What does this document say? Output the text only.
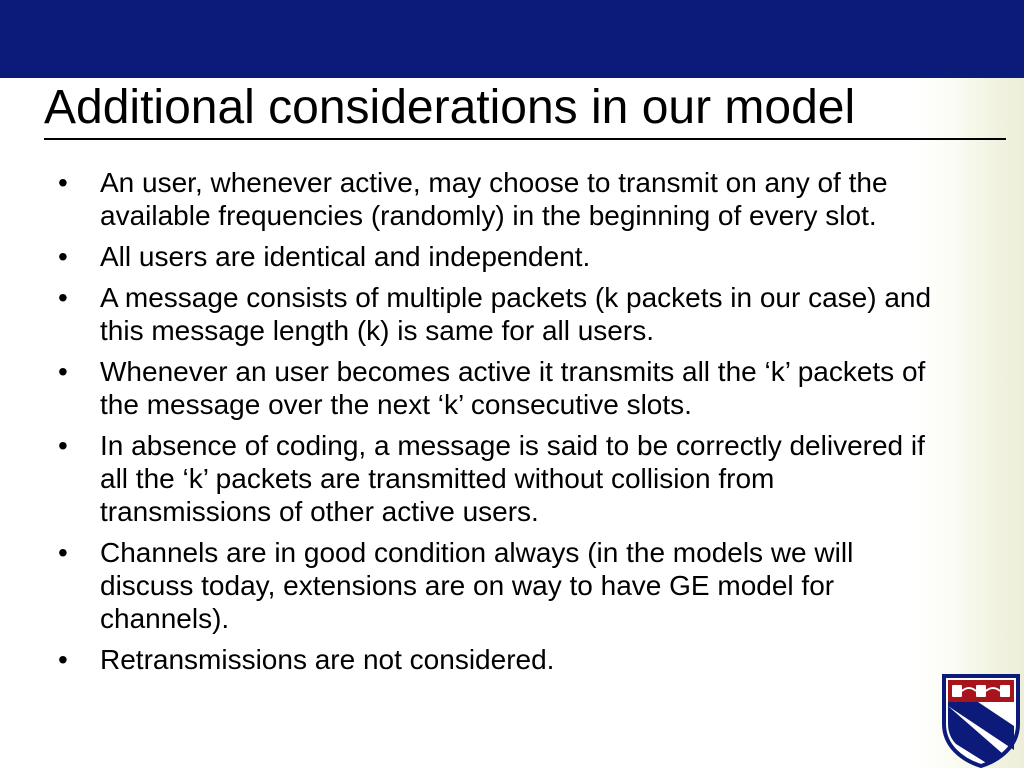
Additional considerations in our model
• An user, whenever active, may choose to transmit on any of the available frequencies (randomly) in the beginning of every slot.
• All users are identical and independent.
• A message consists of multiple packets (k packets in our case) and this message length (k) is same for all users.
• Whenever an user becomes active it transmits all the ‘k’ packets of the message over the next ‘k’ consecutive slots.
• In absence of coding, a message is said to be correctly delivered if all the ‘k’ packets are transmitted without collision from transmissions of other active users.
• Channels are in good condition always (in the models we will discuss today, extensions are on way to have GE model for channels).
• Retransmissions are not considered.
